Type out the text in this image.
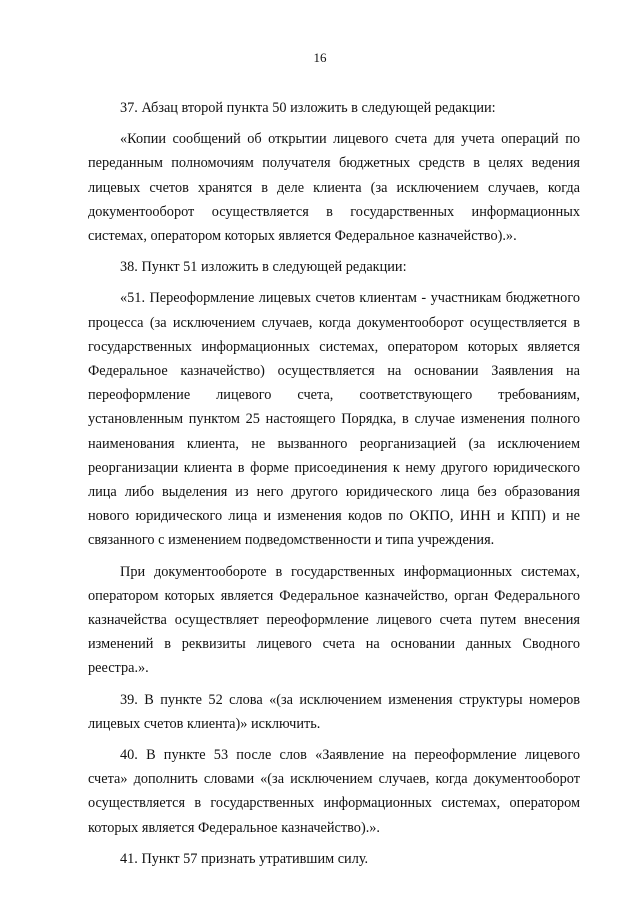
16

37. Абзац второй пункта 50 изложить в следующей редакции:

«Копии сообщений об открытии лицевого счета для учета операций по переданным полномочиям получателя бюджетных средств в целях ведения лицевых счетов хранятся в деле клиента (за исключением случаев, когда документооборот осуществляется в государственных информационных системах, оператором которых является Федеральное казначейство).».

38. Пункт 51 изложить в следующей редакции:

«51. Переоформление лицевых счетов клиентам - участникам бюджетного процесса (за исключением случаев, когда документооборот осуществляется в государственных информационных системах, оператором которых является Федеральное казначейство) осуществляется на основании Заявления на переоформление лицевого счета, соответствующего требованиям, установленным пунктом 25 настоящего Порядка, в случае изменения полного наименования клиента, не вызванного реорганизацией (за исключением реорганизации клиента в форме присоединения к нему другого юридического лица либо выделения из него другого юридического лица без образования нового юридического лица и изменения кодов по ОКПО, ИНН и КПП) и не связанного с изменением подведомственности и типа учреждения.

При документообороте в государственных информационных системах, оператором которых является Федеральное казначейство, орган Федерального казначейства осуществляет переоформление лицевого счета путем внесения изменений в реквизиты лицевого счета на основании данных Сводного реестра.».

39. В пункте 52 слова «(за исключением изменения структуры номеров лицевых счетов клиента)» исключить.

40. В пункте 53 после слов «Заявление на переоформление лицевого счета» дополнить словами «(за исключением случаев, когда документооборот осуществляется в государственных информационных системах, оператором которых является Федеральное казначейство).».

41. Пункт 57 признать утратившим силу.
